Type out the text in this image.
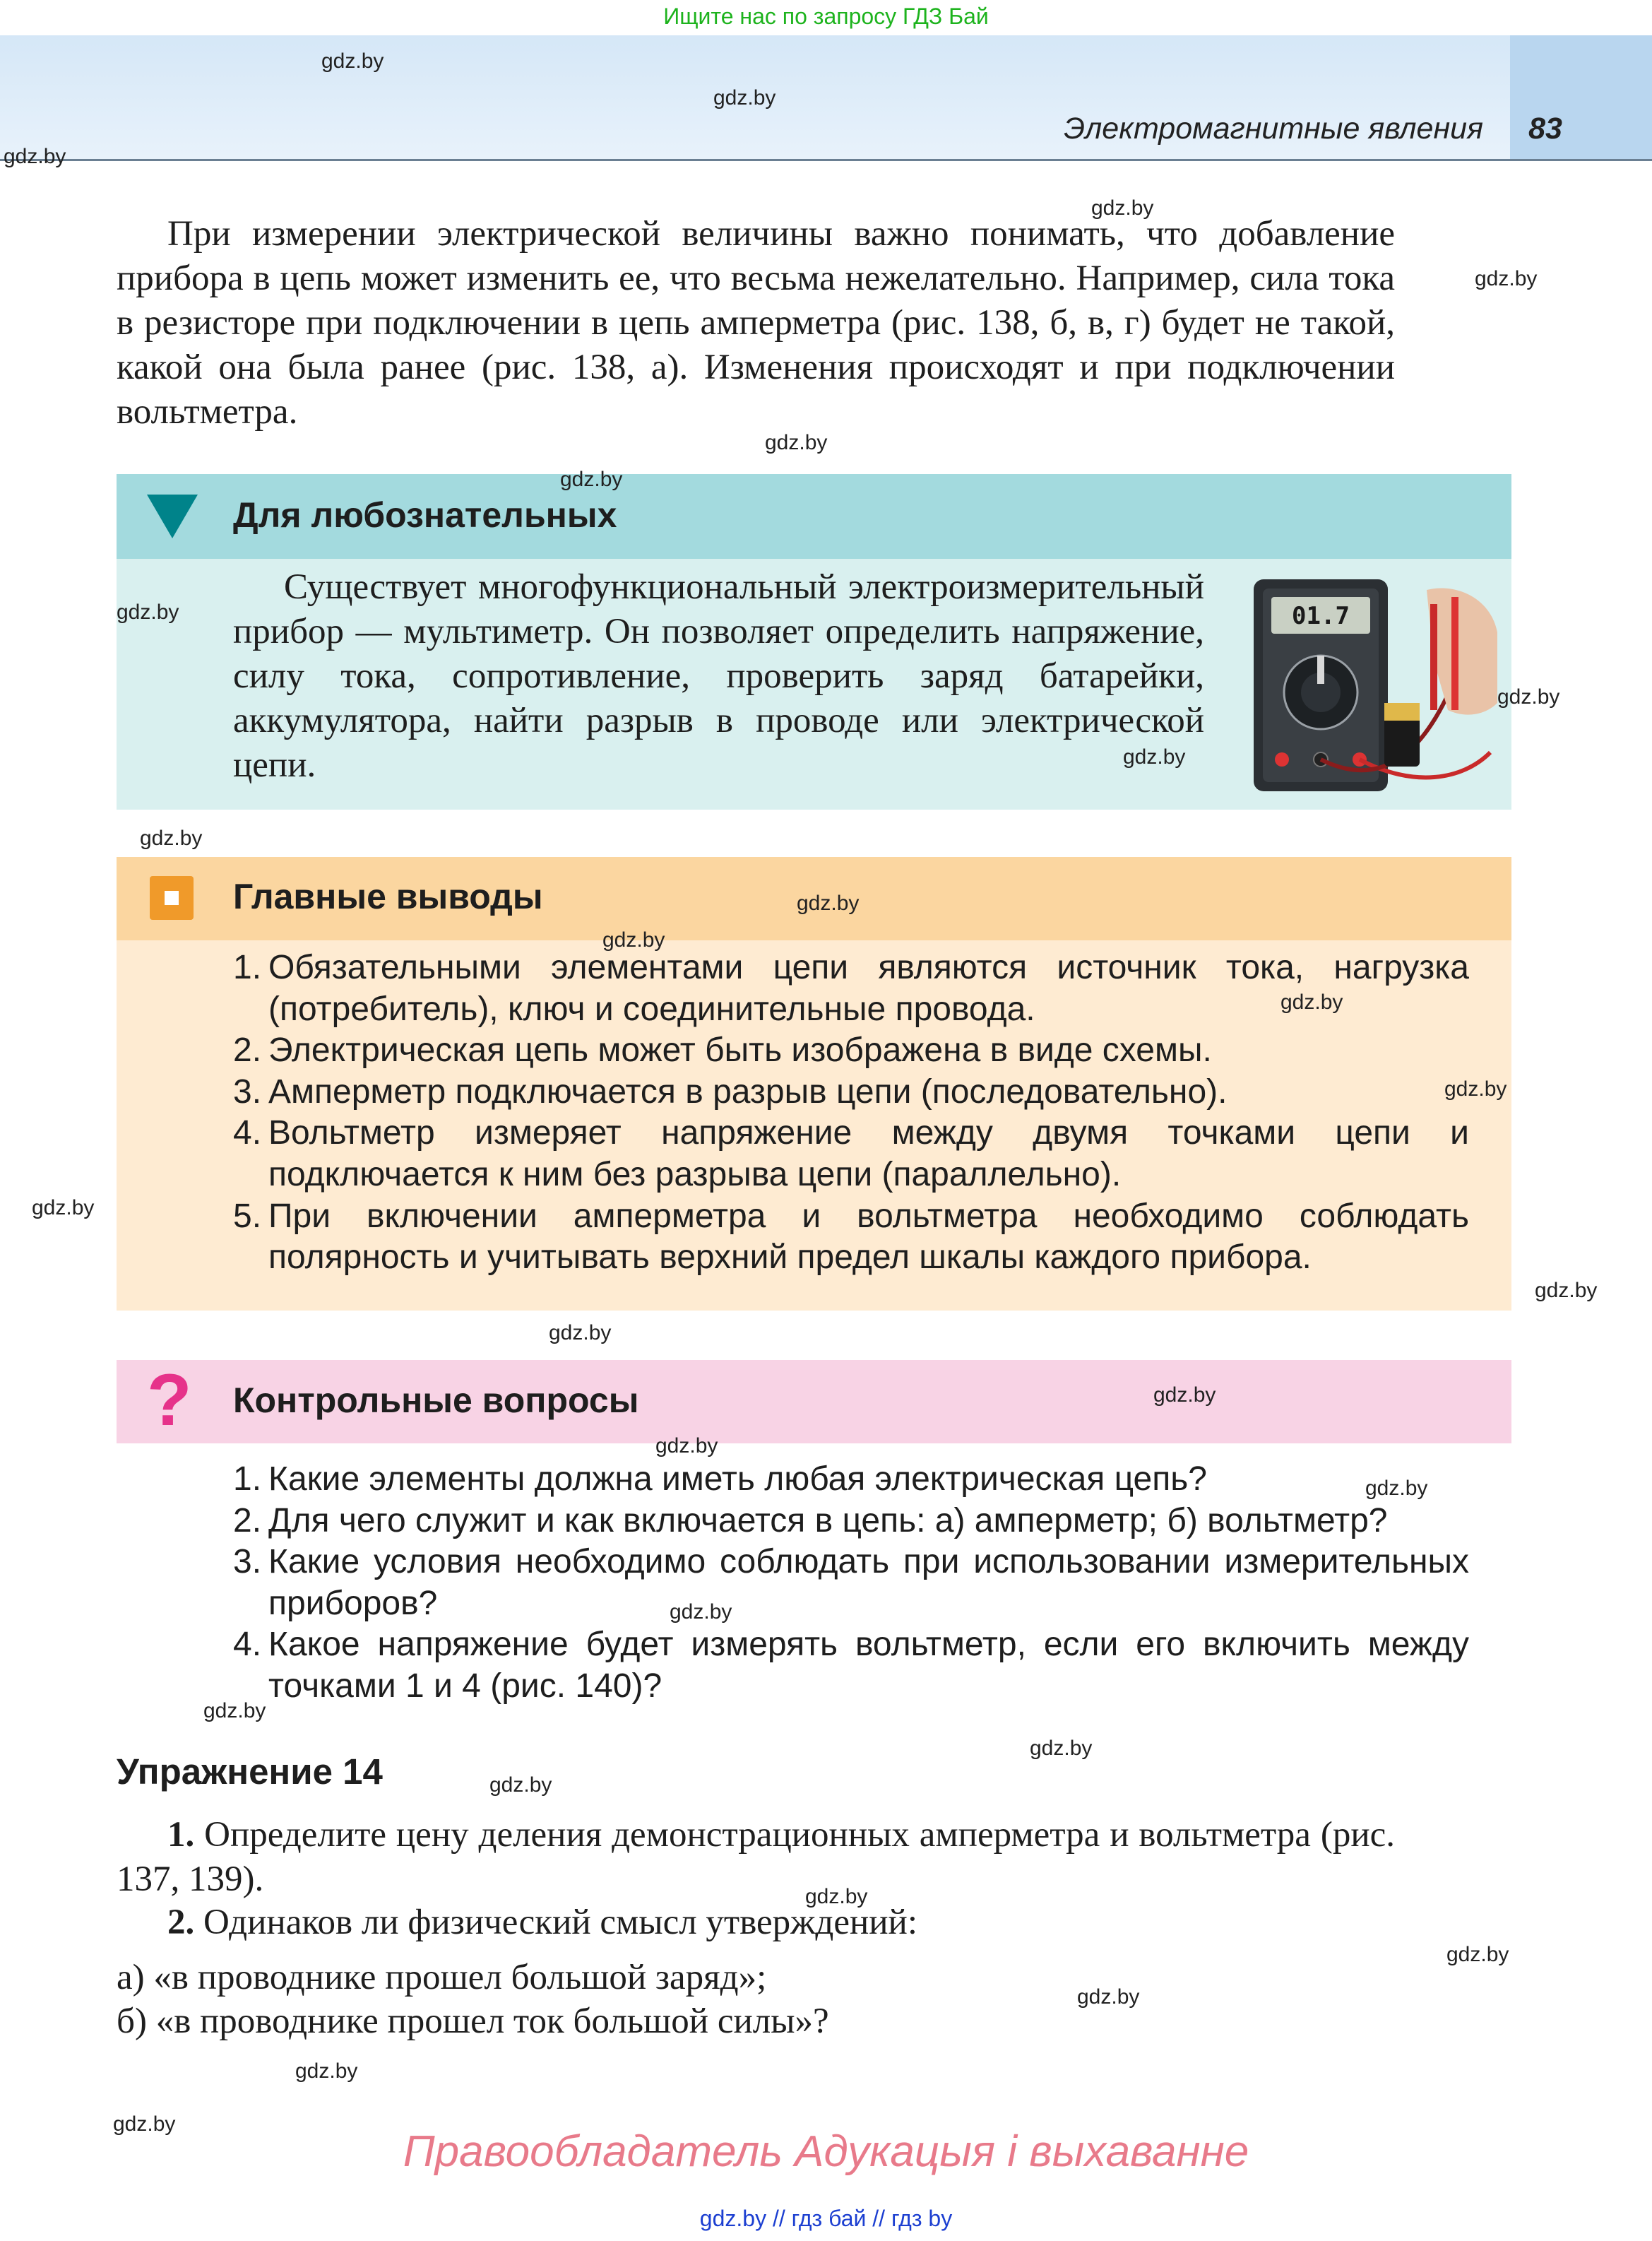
Ищите нас по запросу ГДЗ Бай
Электромагнитные явления	83
При измерении электрической величины важно понимать, что добавление прибора в цепь может изменить ее, что весьма нежелательно. Например, сила тока в резисторе при подключении в цепь амперметра (рис. 138, б, в, г) будет не такой, какой она была ранее (рис. 138, а). Изменения происходят и при подключении вольтметра.
Для любознательных
Существует многофункциональный электроизмерительный прибор — мультиметр. Он позволяет определить напряжение, силу тока, сопротивление, проверить заряд батарейки, аккумулятора, найти разрыв в проводе или электрической цепи.
01.7
Главные выводы
1. Обязательными элементами цепи являются источник тока, нагрузка (потребитель), ключ и соединительные провода.
2. Электрическая цепь может быть изображена в виде схемы.
3. Амперметр подключается в разрыв цепи (последовательно).
4. Вольтметр измеряет напряжение между двумя точками цепи и подключается к ним без разрыва цепи (параллельно).
5. При включении амперметра и вольтметра необходимо соблюдать полярность и учитывать верхний предел шкалы каждого прибора.
? Контрольные вопросы
1. Какие элементы должна иметь любая электрическая цепь?
2. Для чего служит и как включается в цепь: а) амперметр; б) вольтметр?
3. Какие условия необходимо соблюдать при использовании измерительных приборов?
4. Какое напряжение будет измерять вольтметр, если его включить между точками 1 и 4 (рис. 140)?
Упражнение 14
1. Определите цену деления демонстрационных амперметра и вольтметра (рис. 137, 139).
2. Одинаков ли физический смысл утверждений:
а) «в проводнике прошел большой заряд»;
б) «в проводнике прошел ток большой силы»?
Правообладатель Адукацыя і выхаванне
gdz.by // гдз бай // гдз by
gdz.by
gdz.by
gdz.by
gdz.by
gdz.by
gdz.by
gdz.by
gdz.by
gdz.by
gdz.by
gdz.by
gdz.by
gdz.by
gdz.by
gdz.by
gdz.by
gdz.by
gdz.by
gdz.by
gdz.by
gdz.by
gdz.by
gdz.by
gdz.by
gdz.by
gdz.by
gdz.by
gdz.by
gdz.by
gdz.by
